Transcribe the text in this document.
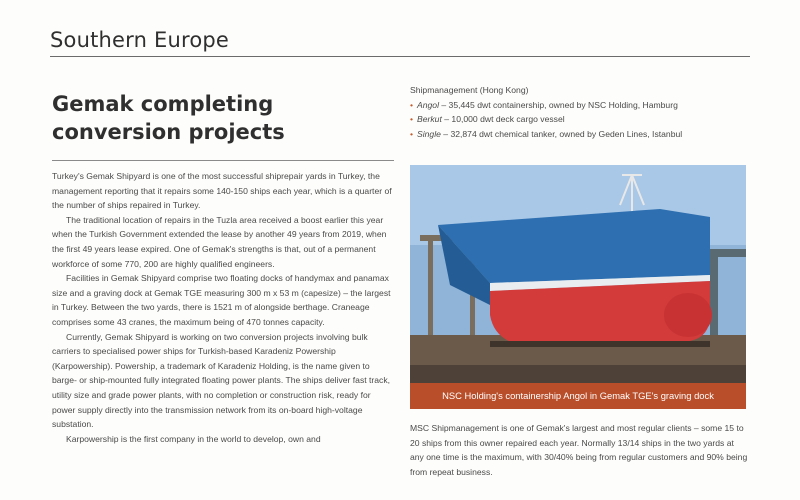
Southern Europe
Gemak completing
conversion projects

Turkey's Gemak Shipyard is one of the most successful shiprepair yards in Turkey, the management reporting that it repairs some 140-150 ships each year, which is a quarter of the number of ships repaired in Turkey.

The traditional location of repairs in the Tuzla area received a boost earlier this year when the Turkish Government extended the lease by another 49 years from 2019, when the first 49 years lease expired. One of Gemak's strengths is that, out of a permanent workforce of some 770, 200 are highly qualified engineers.

Facilities in Gemak Shipyard comprise two floating docks of handymax and panamax size and a graving dock at Gemak TGE measuring 300 m x 53 m (capesize) – the largest in Turkey. Between the two yards, there is 1521 m of alongside berthage. Craneage comprises some 43 cranes, the maximum being of 470 tonnes capacity.

Currently, Gemak Shipyard is working on two conversion projects involving bulk carriers to specialised power ships for Turkish-based Karadeniz Powership (Karpowership). Powership, a trademark of Karadeniz Holding, is the name given to barge- or ship-mounted fully integrated floating power plants. The ships deliver fast track, utility size and grade power plants, with no completion or construction risk, ready for power supply directly into the transmission network from its on-board high-voltage substation.

Karpowership is the first company in the world to develop, own and

Shipmanagement (Hong Kong)
• Angol – 35,445 dwt containership, owned by NSC Holding, Hamburg
• Berkut – 10,000 dwt deck cargo vessel
• Single – 32,874 dwt chemical tanker, owned by Geden Lines, Istanbul
NSC Holding's containership Angol in Gemak TGE's graving dock
MSC Shipmanagement is one of Gemak's largest and most regular clients – some 15 to 20 ships from this owner repaired each year. Normally 13/14 ships in the two yards at any one time is the maximum, with 30/40% being from regular customers and 90% being from repeat business.
